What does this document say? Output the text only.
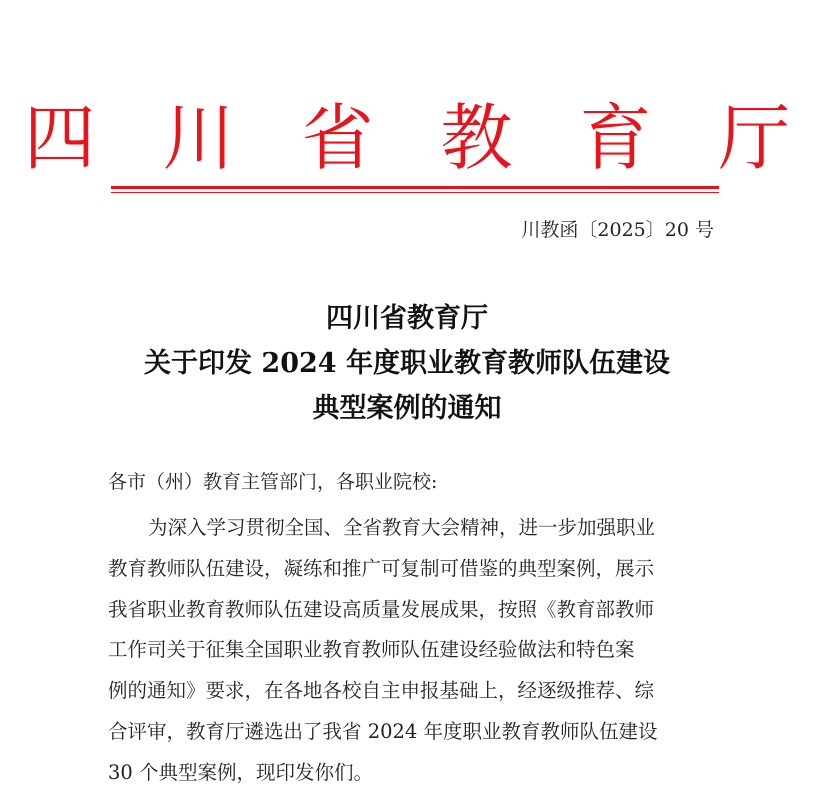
四 川 省 教 育 厅
川教函〔2025〕20 号
四川省教育厅
关于印发 2024 年度职业教育教师队伍建设
典型案例的通知
各市（州）教育主管部门，各职业院校:
为深入学习贯彻全国、全省教育大会精神，进一步加强职业
教育教师队伍建设，凝练和推广可复制可借鉴的典型案例，展示
我省职业教育教师队伍建设高质量发展成果，按照《教育部教师
工作司关于征集全国职业教育教师队伍建设经验做法和特色案
例的通知》要求，在各地各校自主申报基础上，经逐级推荐、综
合评审，教育厅遴选出了我省 2024 年度职业教育教师队伍建设
30 个典型案例，现印发你们。
